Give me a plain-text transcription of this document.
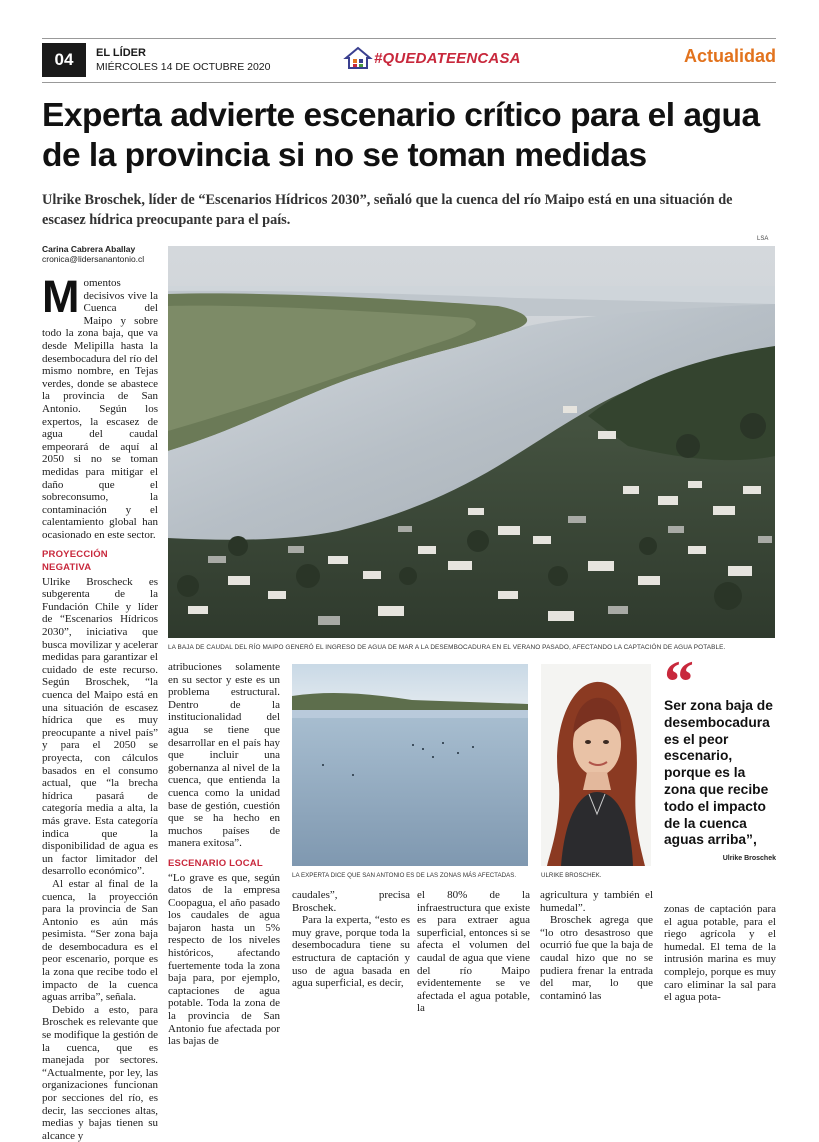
04	EL LÍDER
MIÉRCOLES 14 DE OCTUBRE 2020
#QUEDATEENCASA	Actualidad
Experta advierte escenario crítico para el agua de la provincia si no se toman medidas

Ulrike Broschek, líder de “Escenarios Hídricos 2030”, señaló que la cuenca del río Maipo está en una situación de escasez hídrica preocupante para el país.

Carina Cabrera Aballay
cronica@lidersanantonio.cl
LSA
LA BAJA DE CAUDAL DEL RÍO MAIPO GENERÓ EL INGRESO DE AGUA DE MAR A LA DESEMBOCADURA EN EL VERANO PASADO, AFECTANDO LA CAPTACIÓN DE AGUA POTABLE.

Momentos decisivos vive la Cuenca del Maipo y sobre todo la zona baja, que va desde Melipilla hasta la desembocadura del río del mismo nombre, en Tejas verdes, donde se abastece la provincia de San Antonio. Según los expertos, la escasez de agua del caudal empeorará de aquí al 2050 si no se toman medidas para mitigar el daño que el sobreconsumo, la contaminación y el calentamiento global han ocasionado en este sector.

PROYECCIÓN NEGATIVA

Ulrike Broscheck es subgerenta de la Fundación Chile y líder de “Escenarios Hídricos 2030”, iniciativa que busca movilizar y acelerar medidas para garantizar el cuidado de este recurso. Según Broschek, “la cuenca del Maipo está en una situación de escasez hídrica que es muy preocupante a nivel país” y para el 2050 se proyecta, con cálculos basados en el consumo actual, que “la brecha hídrica pasará de categoría media a alta, la más grave. Esta categoría indica que la disponibilidad de agua es un factor limitador del desarrollo económico”.

Al estar al final de la cuenca, la proyección para la provincia de San Antonio es aún más pesimista. “Ser zona baja de desembocadura es el peor escenario, porque es la zona que recibe todo el impacto de la cuenca aguas arriba”, señala.

Debido a esto, para Broschek es relevante que se modifique la gestión de la cuenca, que es manejada por sectores. “Actualmente, por ley, las organizaciones funcionan por secciones del río, es decir, las secciones altas, medias y bajas tienen su alcance y

atribuciones solamente en su sector y este es un problema estructural. Dentro de la institucionalidad del agua se tiene que desarrollar en el país hay que incluir una gobernanza al nivel de la cuenca, que entienda la cuenca como la unidad base de gestión, cuestión que se ha hecho en muchos países de manera exitosa”.

ESCENARIO LOCAL

“Lo grave es que, según datos de la empresa Coopagua, el año pasado los caudales de agua bajaron hasta un 5% respecto de los niveles históricos, afectando fuertemente toda la zona baja para, por ejemplo, captaciones de agua potable. Toda la zona de la provincia de San Antonio fue afectada por las bajas de

LA EXPERTA DICE QUE SAN ANTONIO ES DE LAS ZONAS MÁS AFECTADAS.	ULRIKE BROSCHEK.
“
Ser zona baja de desembocadura es el peor escenario, porque es la zona que recibe todo el impacto de la cuenca aguas arriba”,
Ulrike Broschek

caudales”, precisa Broschek.

Para la experta, “esto es muy grave, porque toda la desembocadura tiene su estructura de captación y uso de agua basada en agua superficial, es decir,

el 80% de la infraestructura que existe es para extraer agua superficial, entonces si se afecta el volumen del caudal de agua que viene del río Maipo evidentemente se ve afectada el agua potable, la

agricultura y también el humedal”.

Broschek agrega que “lo otro desastroso que ocurrió fue que la baja de caudal hizo que no se pudiera frenar la entrada del mar, lo que contaminó las

zonas de captación para el agua potable, para el riego agrícola y el humedal. El tema de la intrusión marina es muy complejo, porque es muy caro eliminar la sal para el agua pota-
